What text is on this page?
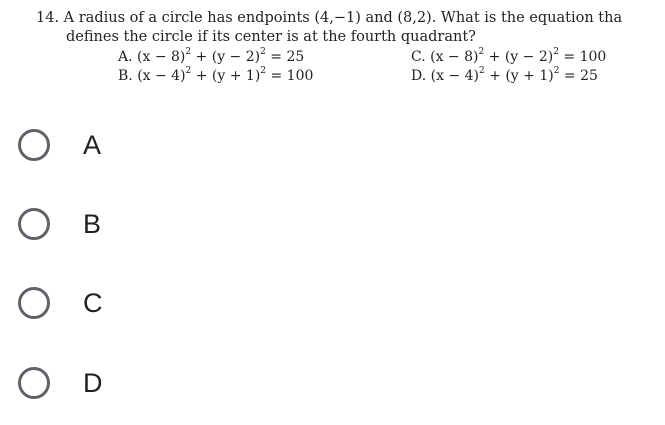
14. A radius of a circle has endpoints (4,−1) and (8,2). What is the equation tha
defines the circle if its center is at the fourth quadrant?
A. $(x - 8)^2 + (y - 2)^2 = 25$
B. $(x - 4)^2 + (y + 1)^2 = 100$
C. $(x - 8)^2 + (y - 2)^2 = 100$
D. $(x - 4)^2 + (y + 1)^2 = 25$
A
B
C
D
